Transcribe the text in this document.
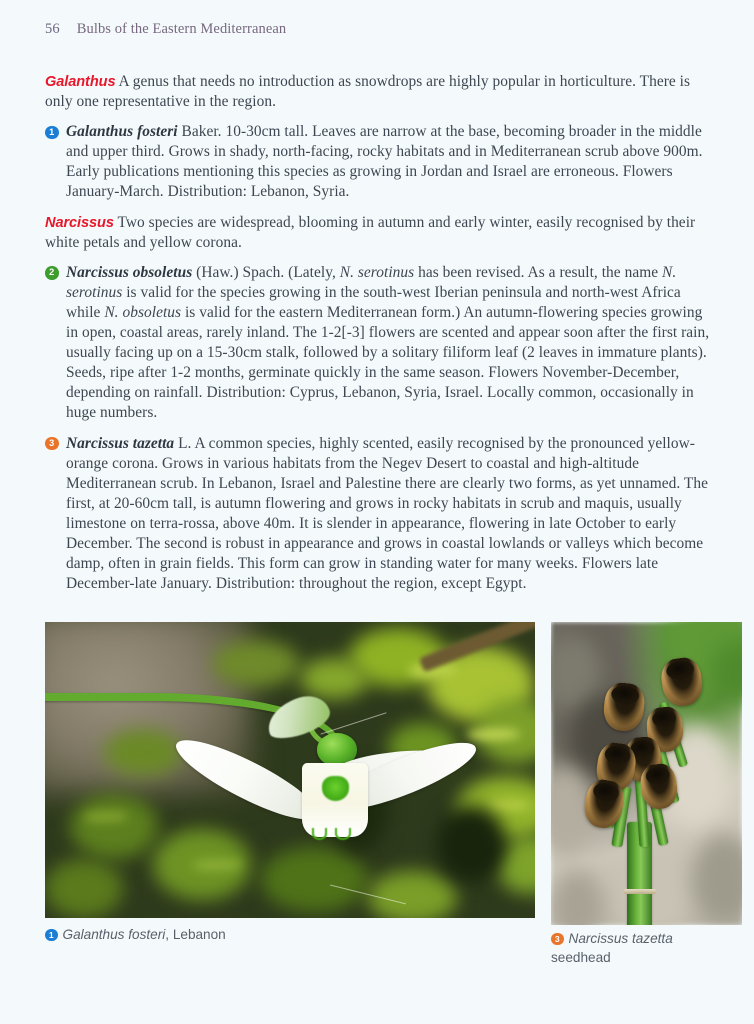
56 Bulbs of the Eastern Mediterranean

Galanthus A genus that needs no introduction as snowdrops are highly popular in horticulture. There is only one representative in the region.

1 Galanthus fosteri Baker. 10-30cm tall. Leaves are narrow at the base, becoming broader in the middle and upper third. Grows in shady, north-facing, rocky habitats and in Mediterranean scrub above 900m. Early publications mentioning this species as growing in Jordan and Israel are erroneous. Flowers January-March. Distribution: Lebanon, Syria.

Narcissus Two species are widespread, blooming in autumn and early winter, easily recognised by their white petals and yellow corona.

2 Narcissus obsoletus (Haw.) Spach. (Lately, N. serotinus has been revised. As a result, the name N. serotinus is valid for the species growing in the south-west Iberian peninsula and north-west Africa while N. obsoletus is valid for the eastern Mediterranean form.) An autumn-flowering species growing in open, coastal areas, rarely inland. The 1-2[-3] flowers are scented and appear soon after the first rain, usually facing up on a 15-30cm stalk, followed by a solitary filiform leaf (2 leaves in immature plants). Seeds, ripe after 1-2 months, germinate quickly in the same season. Flowers November-December, depending on rainfall. Distribution: Cyprus, Lebanon, Syria, Israel. Locally common, occasionally in huge numbers.

3 Narcissus tazetta L. A common species, highly scented, easily recognised by the pronounced yellow-orange corona. Grows in various habitats from the Negev Desert to coastal and high-altitude Mediterranean scrub. In Lebanon, Israel and Palestine there are clearly two forms, as yet unnamed. The first, at 20-60cm tall, is autumn flowering and grows in rocky habitats in scrub and maquis, usually limestone on terra-rossa, above 40m. It is slender in appearance, flowering in late October to early December. The second is robust in appearance and grows in coastal lowlands or valleys which become damp, often in grain fields. This form can grow in standing water for many weeks. Flowers late December-late January. Distribution: throughout the region, except Egypt.

1 Galanthus fosteri, Lebanon	3 Narcissus tazetta
seedhead
